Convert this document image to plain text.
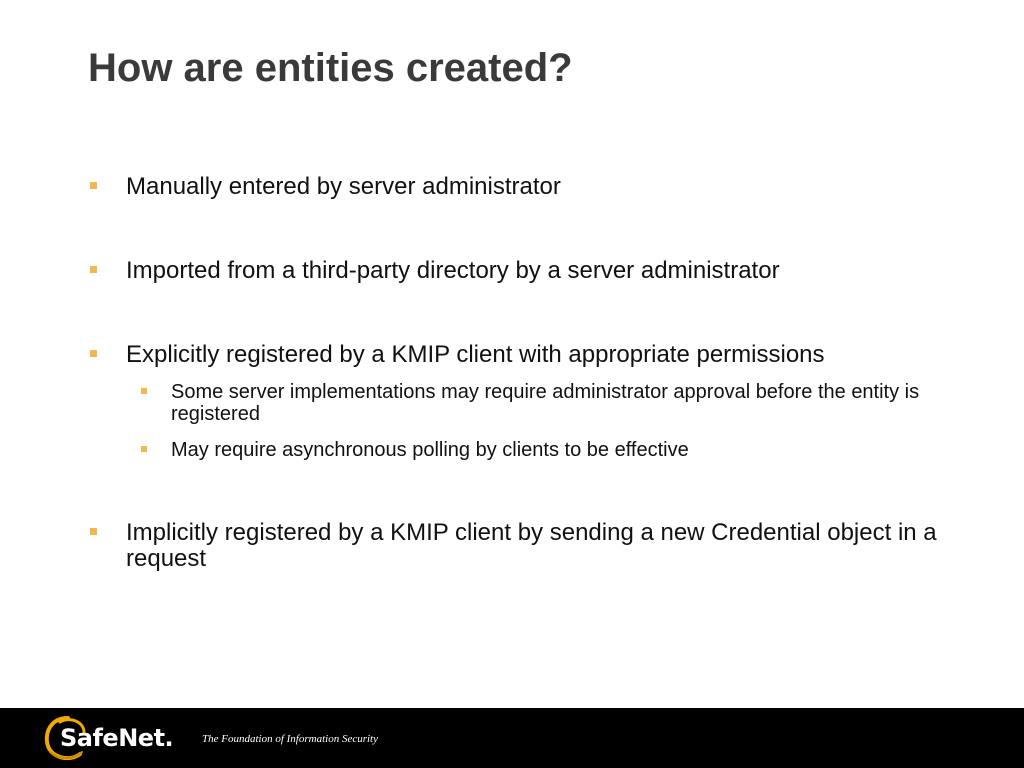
How are entities created?
Manually entered by server administrator
Imported from a third-party directory by a server administrator
Explicitly registered by a KMIP client with appropriate permissions
Some server implementations may require administrator approval before the entity is registered
May require asynchronous polling by clients to be effective
Implicitly registered by a KMIP client by sending a new Credential object in a request
SafeNet.	The Foundation of Information Security
